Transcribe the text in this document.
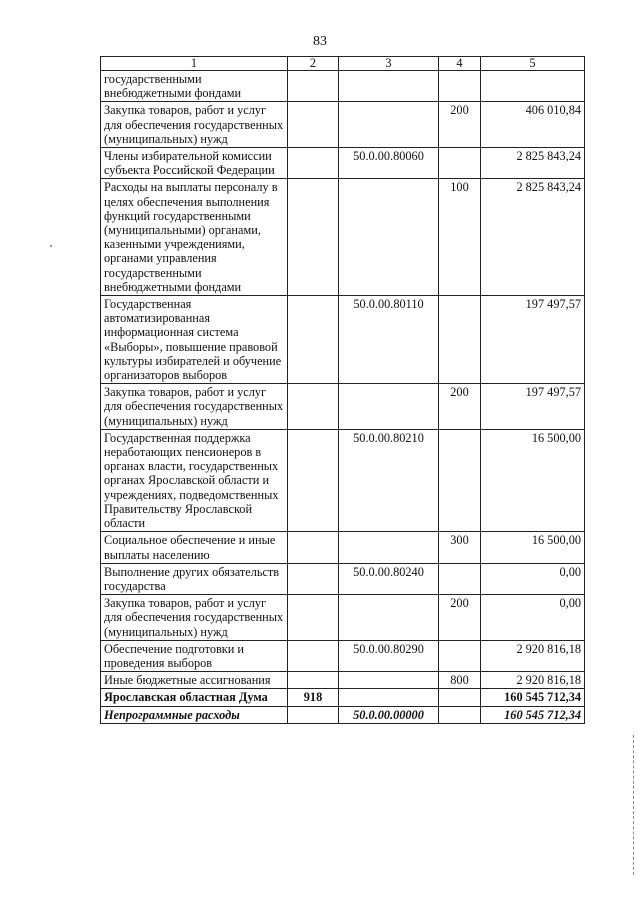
83
1	2	3	4	5
государственными внебюджетными фондами				
Закупка товаров, работ и услуг для обеспечения государственных (муниципальных) нужд			200	406 010,84
Члены избирательной комиссии субъекта Российской Федерации		50.0.00.80060		2 825 843,24
Расходы на выплаты персоналу в целях обеспечения выполнения функций государственными (муниципальными) органами, казенными учреждениями, органами управления государственными внебюджетными фондами			100	2 825 843,24
Государственная автоматизированная информационная система «Выборы», повышение правовой культуры избирателей и обучение организаторов выборов		50.0.00.80110		197 497,57
Закупка товаров, работ и услуг для обеспечения государственных (муниципальных) нужд			200	197 497,57
Государственная поддержка неработающих пенсионеров в органах власти, государственных органах Ярославской области и учреждениях, подведомственных Правительству Ярославской области		50.0.00.80210		16 500,00
Социальное обеспечение и иные выплаты населению			300	16 500,00
Выполнение других обязательств государства		50.0.00.80240		0,00
Закупка товаров, работ и услуг для обеспечения государственных (муниципальных) нужд			200	0,00
Обеспечение подготовки и проведения выборов		50.0.00.80290		2 920 816,18
Иные бюджетные ассигнования			800	2 920 816,18
Ярославская областная Дума	918			160 545 712,34
Непрограммные расходы		50.0.00.00000		160 545 712,34
